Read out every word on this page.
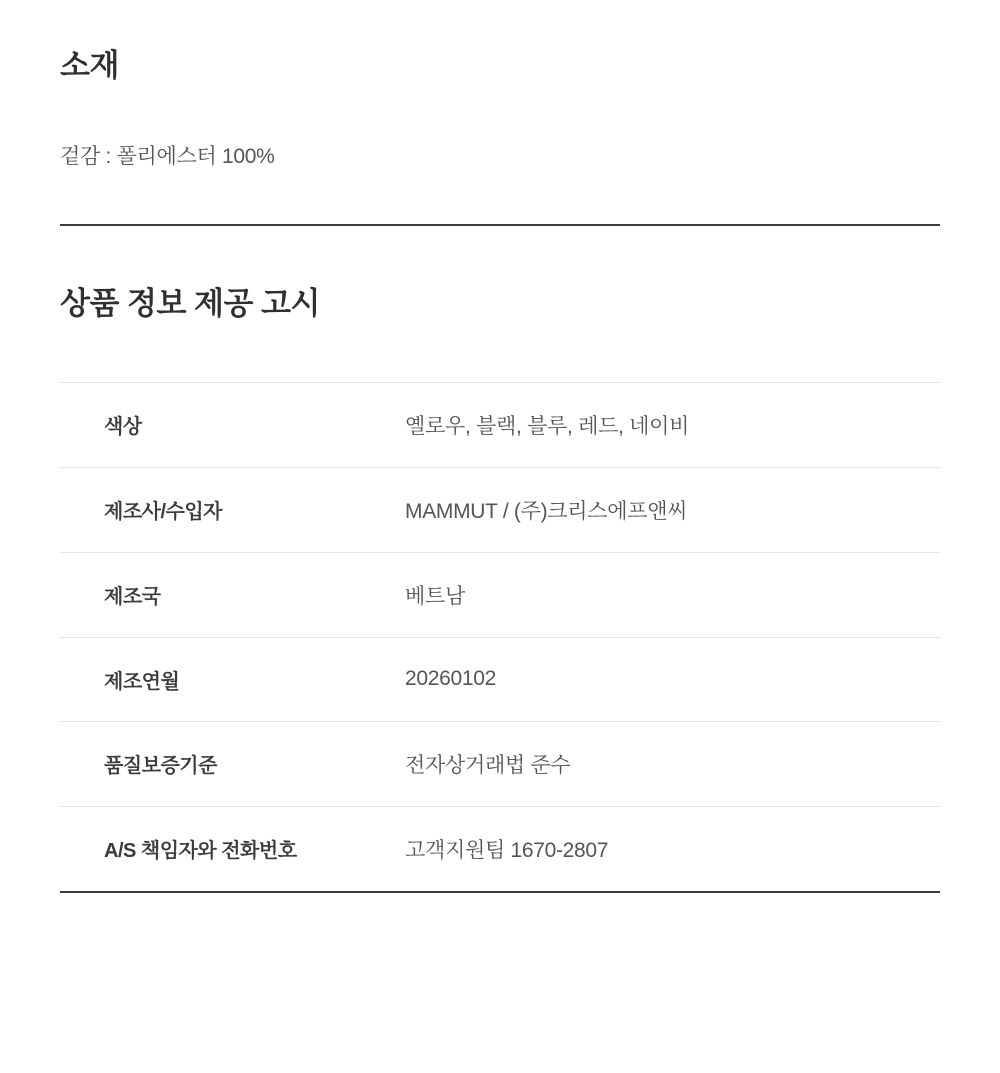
소재

겉감 : 폴리에스터 100%

상품 정보 제공 고시
색상	옐로우, 블랙, 블루, 레드, 네이비
제조사/수입자	MAMMUT / (주)크리스에프앤씨
제조국	베트남
제조연월	20260102
품질보증기준	전자상거래법 준수
A/S 책임자와 전화번호	고객지원팀 1670-2807
